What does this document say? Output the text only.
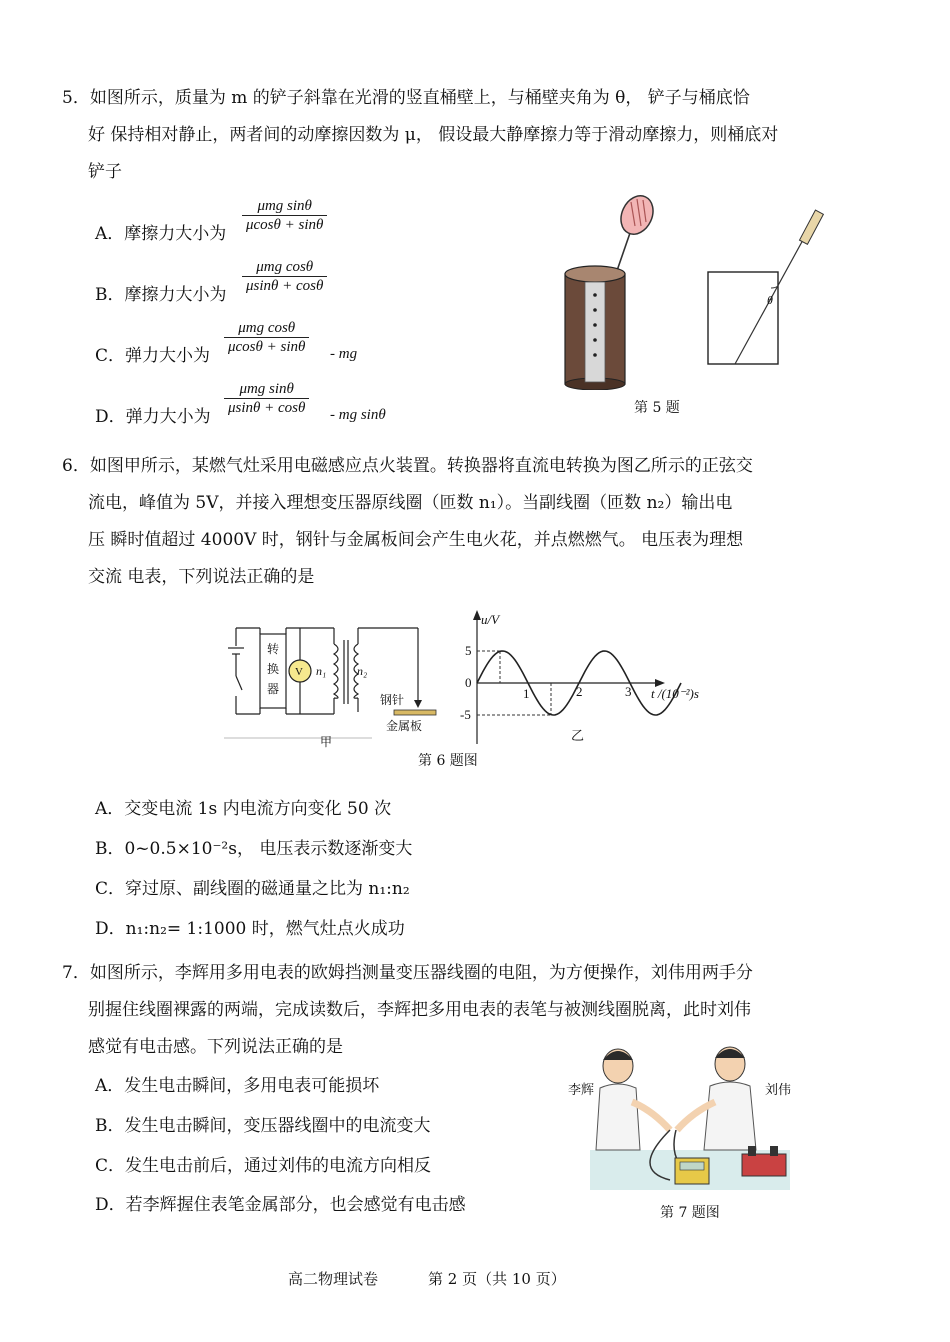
5．如图所示，质量为 m 的铲子斜靠在光滑的竖直桶壁上，与桶壁夹角为 θ， 铲子与桶底恰
好 保持相对静止，两者间的动摩擦因数为 μ， 假设最大静摩擦力等于滑动摩擦力，则桶底对
铲子
A．摩擦力大小为
μmg sinθ
μcosθ + sinθ
B．摩擦力大小为
μmg cosθ
μsinθ + cosθ
C．弹力大小为
μmg cosθ
μcosθ + sinθ - mg
D．弹力大小为
μmg sinθ
μsinθ + cosθ - mg sinθ
θ
第 5 题
6．如图甲所示，某燃气灶采用电磁感应点火装置。转换器将直流电转换为图乙所示的正弦交
流电，峰值为 5V，并接入理想变压器原线圈（匝数 n₁）。当副线圈（匝数 n₂）输出电
压 瞬时值超过 4000V 时，钢针与金属板间会产生电火花，并点燃燃气。 电压表为理想
交流 电表，下列说法正确的是
V
转
换
器
n₁	n₂
钢针
金属板
甲
u/V
5
0
-5
1	2	3 t /(10⁻²)s
乙
第 6 题图
A．交变电流 1s 内电流方向变化 50 次
B．0~0.5×10⁻²s， 电压表示数逐渐变大
C．穿过原、副线圈的磁通量之比为 n₁:n₂
D．n₁:n₂= 1:1000 时，燃气灶点火成功
7．如图所示，李辉用多用电表的欧姆挡测量变压器线圈的电阻，为方便操作，刘伟用两手分
别握住线圈裸露的两端，完成读数后，李辉把多用电表的表笔与被测线圈脱离，此时刘伟
感觉有电击感。下列说法正确的是
A．发生电击瞬间，多用电表可能损坏
B．发生电击瞬间，变压器线圈中的电流变大
C．发生电击前后，通过刘伟的电流方向相反
D．若李辉握住表笔金属部分，也会感觉有电击感
李辉	刘伟
第 7 题图
高二物理试卷	第 2 页（共 10 页）
